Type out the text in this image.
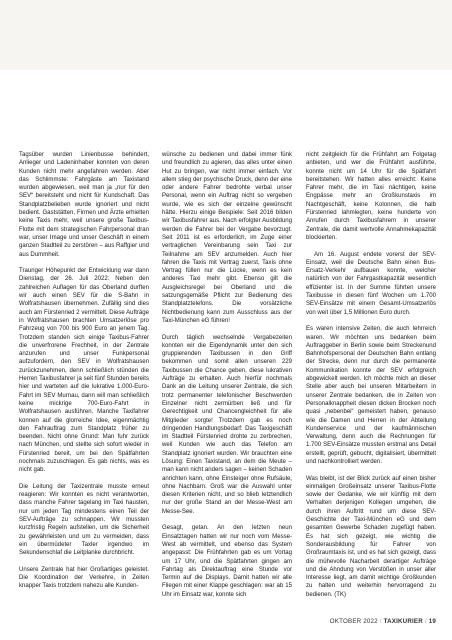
Tagsüber wurden Linienbusse behindert, Anlieger und Ladeninhaber konnten von deren Kunden nicht mehr angefahren werden. Aber das Schlimmste: Fahrgäste am Taxistand wurden abgewiesen, weil man ja „nur für den SEV“ bereitsteht und nicht für Kundschaft. Das Standplatzbelieben wurde ignoriert und nicht bedient. Gaststätten, Firmen und Ärzte erhielten keine Taxis mehr, weil unsere große Taxibus-Flotte mit dem strategischen Fahrpersonal dran war, unser Image und unser Geschäft in einem ganzen Stadtteil zu zerstören – aus Raffgier und aus Dummheit.

Trauriger Höhepunkt der Entwicklung war dann Dienstag, der 26. Juli 2022: Neben den zahlreichen Auflagen für das Oberland durften wir auch einen SEV für die S-Bahn in Wolfratshausen übernehmen. Zufällig sind dies auch am Fürstenried 2 vermittelt. Diese Aufträge in Wolfratshausen brachten Umsatzerlöse pro Fahrzeug von 700 bis 900 Euro an jenem Tag. Trotzdem standen sich einige Taxibus-Fahrer die unverfrorene Frechheit, in der Zentrale anzurufen und unser Funkpersonal aufzufordern, den SEV in Wolfratshausen zurückzunehmen, denn schließlich stünden die Herren Taxibusfahrer ja seit fünf Stunden bereits hier und warteten auf die lukrative 1.000-Euro-Fahrt im SEV Murnau, dann will man schließlich keine mickrige 700-Euro-Fahrt in Wolfratshausen ausführen. Manche Taxifahrer konnen auf die glorreiche Idee, eigenmächtig den Fahrauftrag zum Standplatz früher zu beenden. Nicht ohne Grund: Man fuhr zurück nach München, und stellte sich sofort wieder in Fürstenried bereit, um bei den Spätfahrten nochmals zuzuschlagen. Es gab nichts, was es nicht gab.

Die Leitung der Taxizentrale musste erneut reagieren: Wir konnten es nicht verantworten, dass manche Fahrer tagelang im Taxi hausten, nur um jeden Tag mindestens einen Teil der SEV-Aufträge zu schnappen. Wir mussten kurzfristig Regeln aufstellen, um die Sicherheit zu gewährleisten und um zu vermeiden, dass ein übermüdeter Taxler irgendwo im Sekundenschlaf die Leitplanke durchbricht.

Unsere Zentrale hat hier Großartiges geleistet. Die Koordination der Verkehre, in Zeiten knapper Taxis trotzdem nahezu alle Kunden-

wünsche zu bedienen und dabei immer fünk und freundlich zu agieren, das alles unter einen Hut zu bringen, war nicht immer einfach. Vor allem stieg der psychische Druck, denn der eine oder andere Fahrer bedrohte verbal unser Personal, wenn ein Auftrag nicht so vergeben wurde, wie es sich der einzelne gewünscht hätte. Hierzu einige Beispiele: Seit 2016 bilden wir Taxibusfahrer aus. Nach erfolgter Ausbildung werden die Fahrer bei der Vergabe bevorzugt. Seit 2011 ist es erforderlich, im Zuge einer vertraglichen Vereinbarung sein Taxi zur Teilnahme am SEV anzumelden. Auch hier fahren die Taxis mit Vertrag zuerst, Taxis ohne Vertrag füllen nur die Lücke, wenn es kein anderes Taxi mehr gibt. Ebenso gilt die Ausgleichsregel bei Oberland und die satzungsgemäße Pflicht zur Bedienung des Standplatztelefons. Die vorsätzliche Nichtbedienung kann zum Ausschluss aus der Taxi-München eG führen!

Durch täglich wechselnde Vergabezeiten konnten wir die Eigendynamik unter den sich gruppierenden Taxibussen in den Griff bekommen und somit allen unseren 229 Taxibussen die Chance geben, diese lukrativen Aufträge zu erhalten. Auch hierfür nochmals Dank an die Leitung unserer Zentrale, die sich trotz permanenter telefonischer Beschwerden Einzelner nicht zermürben ließ und für Gerechtigkeit und Chancengleichheit für alle Mitglieder sorgte! Trotzdem gab es noch dringenden Handlungsbedarf: Das Taxigeschäft im Stadtteil Fürstenried drohte zu zerbrechen, weil Kunden wie auch das Telefon am Standplatz ignoriert wurden. Wir brauchten eine Lösung: Einen Taxistand, an dem die Meute – man kann nicht anders sagen – keinen Schaden anrichten kann, ohne Einsteiger ohne Rufsäule, ohne Nachbarn. Groß war die Auswahl unter diesen Kriterien nicht, und so blieb letztendlich nur der große Stand an der Messe-West am Messe-See.

Gesagt, getan. An den letzten neun Einsatztagen hatten wir nur noch vom Messe-West ab vermittelt, und ebenso das System angepasst: Die Frühfahrten gab es um Vortag um 17 Uhr, und die Spätfahrten gingen am Fahrtag als Direktauftrag eine Stunde vor Termin auf die Displays. Damit hatten wir alle Fliegen mit einer Klappe geschlagen: war ab 15 Uhr im Einsatz war, konnte sich

nicht zeitgleich für die Frühfahrt am Folgetag anbieten, und wer die Frühfahrt ausführte, konnte nicht um 14 Uhr für die Spätfahrt bereitstehen. Wir hatten alles erreicht: Keine Fahrer mehr, die im Taxi nächtigen, keine Engpässe mehr an Großkunstaxis im Nachtgeschäft, keine Kolonnen, die halb Fürstenried lahmlegten, keine hunderte von Anrufen durch Taxibusfahrern in unserer Zentrale, die damit wertvolle Annahmekapazität blockierten.

Am 16. August endete vorerst der SEV-Einsatz, weil die Deutsche Bahn einen Bus-Ersatz-Verkehr aufbauen konnte, welcher natürlich von der Fahrgastkapazität wesentlich effizienter ist. In der Summe führten unsere Taxibusse in diesen fünf Wochen um 1.700 SEV-Einsätze mit einem Gesamt-Umsatzerlös von weit über 1,5 Millionen Euro durch.

Es waren intensive Zeiten, die auch lehrreich waren. Wir möchten uns bedanken beim Auftraggeber in Berlin sowie beim Streckenund Bahnhofspersonal der Deutschen Bahn entlang der Strecke, denn nur durch die permanente Kommunikation konnte der SEV erfolgreich abgewickelt werden. Ich möchte mich an dieser Stelle aber auch bei unseren Mitarbeitern in unserer Zentrale bedanken, die in Zeiten von Personalknappheit diesen dicken Brocken noch quasi „nebenbei“ gemeistert haben, genauso wie die Damen und Herren in der Abteilung Kundenservice und der kaufmännischen Verwaltung, denn auch die Rechnungen für 1.700 SEV-Einsätze mussten erstmal ans Detail erstellt, geprüft, gebucht, digitalisiert, übermittelt und nachkontrolliert werden.

Was bleibt, ist der Blick zurück auf einen bisher einmaligen Großeinsatz unserer Taxibus-Flotte sowie der Gedanke, wie wir künftig mit dem Verhalten derjenigen Kollegen umgehen, die durch ihren Auftritt rund um diese SEV-Geschichte der Taxi-München eG und dem gesamten Gewerbe Schaden zugefügt haben. Es hat sich gezeigt, wie wichtig die Sonderausbildung für Fahrer von Großraumtaxis ist, und es hat sich gezeigt, dass die mühevolle Nacharbeit derartiger Aufträge und die Ahndung von Verstößen in unser aller Interesse liegt, am damit wichtige Großkunden zu halten und weiterhin hervorragend zu bedienen. (TK)

OKTOBER 2022 / TAXIKURIER / 19
